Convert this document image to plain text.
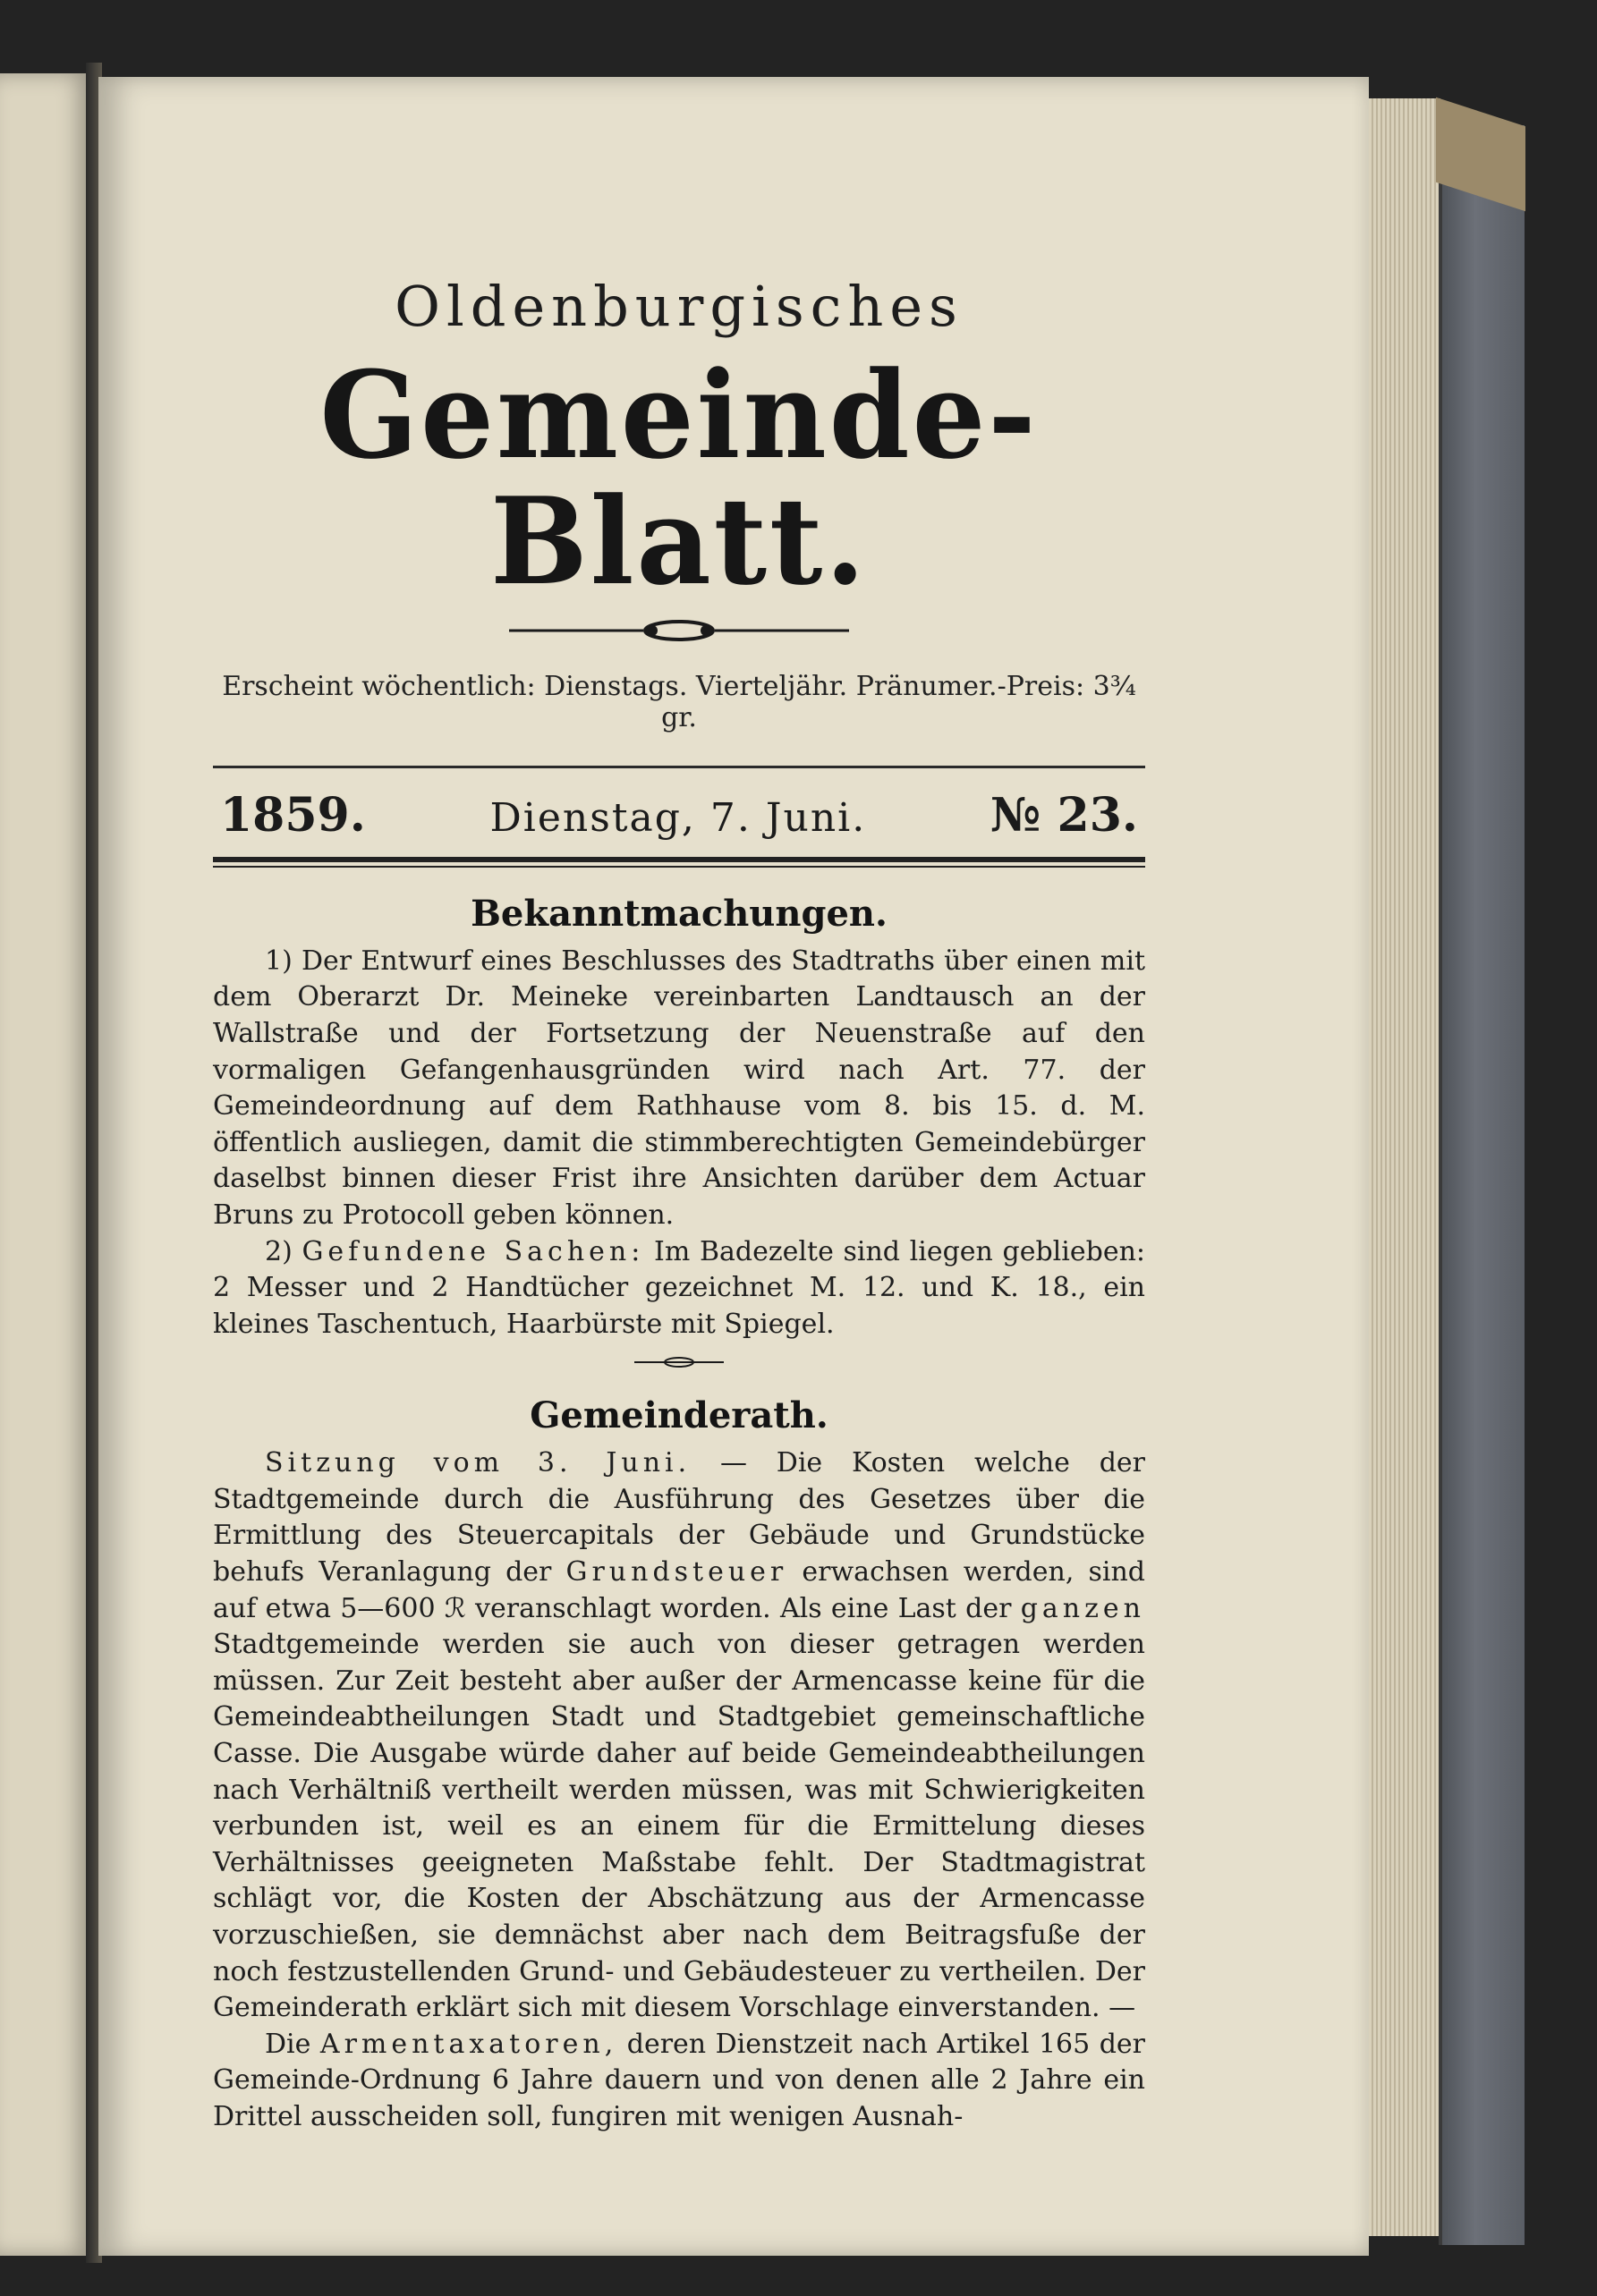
Oldenburgisches
Gemeinde-Blatt.
Erscheint wöchentlich: Dienstags. Vierteljähr. Pränumer.-Preis: 3¾ gr.
1859.	Dienstag, 7. Juni.	№ 23.
Bekanntmachungen.

1) Der Entwurf eines Beschlusses des Stadtraths über einen mit dem Oberarzt Dr. Meineke vereinbarten Landtausch an der Wallstraße und der Fortsetzung der Neuenstraße auf den vormaligen Gefangenhausgründen wird nach Art. 77. der Gemeindeordnung auf dem Rathhause vom 8. bis 15. d. M. öffentlich ausliegen, damit die stimmberechtigten Gemeindebürger daselbst binnen dieser Frist ihre Ansichten darüber dem Actuar Bruns zu Protocoll geben können.

2) Gefundene Sachen: Im Badezelte sind liegen geblieben: 2 Messer und 2 Handtücher gezeichnet M. 12. und K. 18., ein kleines Taschentuch, Haarbürste mit Spiegel.

Gemeinderath.

Sitzung vom 3. Juni. — Die Kosten welche der Stadtgemeinde durch die Ausführung des Gesetzes über die Ermittlung des Steuercapitals der Gebäude und Grundstücke behufs Veranlagung der Grundsteuer erwachsen werden, sind auf etwa 5—600 ℛ veranschlagt worden. Als eine Last der ganzen Stadtgemeinde werden sie auch von dieser getragen werden müssen. Zur Zeit besteht aber außer der Armencasse keine für die Gemeindeabtheilungen Stadt und Stadtgebiet gemeinschaftliche Casse. Die Ausgabe würde daher auf beide Gemeindeabtheilungen nach Verhältniß vertheilt werden müssen, was mit Schwierigkeiten verbunden ist, weil es an einem für die Ermittelung dieses Verhältnisses geeigneten Maßstabe fehlt. Der Stadtmagistrat schlägt vor, die Kosten der Abschätzung aus der Armencasse vorzuschießen, sie demnächst aber nach dem Beitragsfuße der noch festzustellenden Grund- und Gebäudesteuer zu vertheilen. Der Gemeinderath erklärt sich mit diesem Vorschlage einverstanden. —

Die Armentaxatoren, deren Dienstzeit nach Artikel 165 der Gemeinde-Ordnung 6 Jahre dauern und von denen alle 2 Jahre ein Drittel ausscheiden soll, fungiren mit wenigen Ausnah-
